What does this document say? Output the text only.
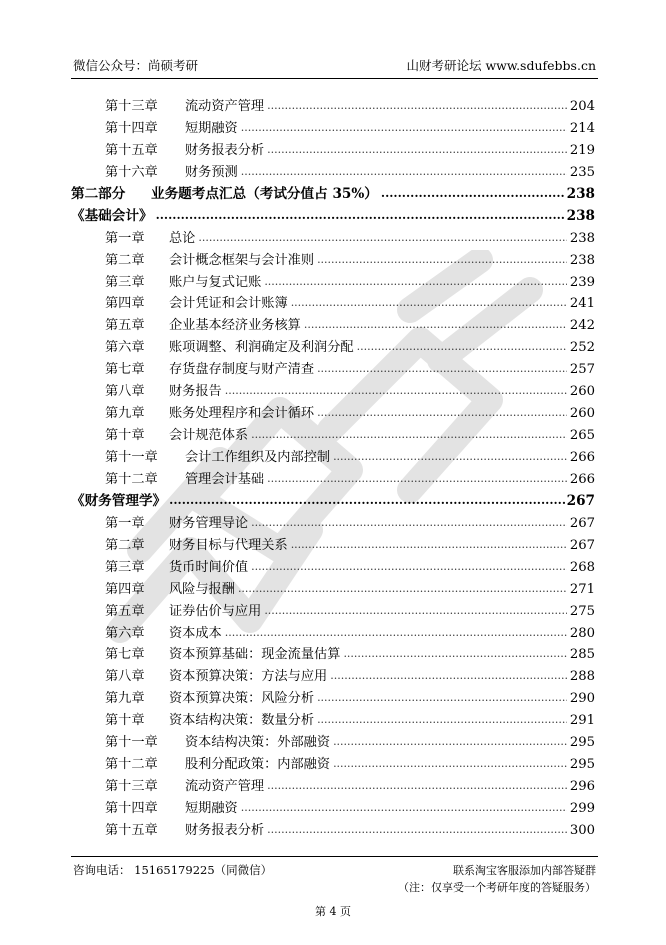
微信公众号：尚硕考研	山财考研论坛 www.sdufebbs.cn
第十三章	流动资产管理 .....	204
第十四章	短期融资 .....	214
第十五章	财务报表分析 .....	219
第十六章	财务预测 .....	235
第二部分	业务题考点汇总（考试分值占 35%） .....	238
《基础会计》 .....	238
第一章	总论 .....	238
第二章	会计概念框架与会计准则 .....	238
第三章	账户与复式记账 .....	239
第四章	会计凭证和会计账簿 .....	241
第五章	企业基本经济业务核算 .....	242
第六章	账项调整、利润确定及利润分配 .....	252
第七章	存货盘存制度与财产清查 .....	257
第八章	财务报告 .....	260
第九章	账务处理程序和会计循环 .....	260
第十章	会计规范体系 .....	265
第十一章	会计工作组织及内部控制 .....	266
第十二章	管理会计基础 .....	266
《财务管理学》 .....	267
第一章	财务管理导论 .....	267
第二章	财务目标与代理关系 .....	267
第三章	货币时间价值 .....	268
第四章	风险与报酬 .....	271
第五章	证券估价与应用 .....	275
第六章	资本成本 .....	280
第七章	资本预算基础：现金流量估算 .....	285
第八章	资本预算决策：方法与应用 .....	288
第九章	资本预算决策：风险分析 .....	290
第十章	资本结构决策：数量分析 .....	291
第十一章	资本结构决策：外部融资 .....	295
第十二章	股利分配政策：内部融资 .....	295
第十三章	流动资产管理 .....	296
第十四章	短期融资 .....	299
第十五章	财务报表分析 .....	300
咨询电话： 15165179225（同微信）	联系淘宝客服添加内部答疑群
（注：仅享受一个考研年度的答疑服务）
第 4 页
